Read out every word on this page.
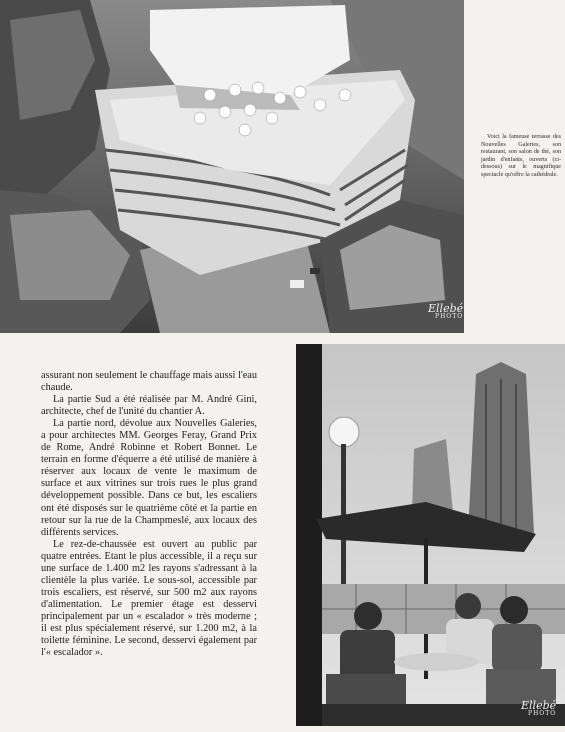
Ellebé
PHOTO

Voici la fameuse terrasse des Nouvelles Galeries, son restaurant, son salon de thé, son jardin d'enfants, ouverts (ci-dessous) sur le magnifique spectacle qu'offre la cathédrale.

assurant non seulement le chauffage mais aussi l'eau chaude.

La partie Sud a été réalisée par M. André Gini, architecte, chef de l'unité du chantier A.

La partie nord, dévolue aux Nouvelles Galeries, a pour architectes MM. Georges Feray, Grand Prix de Rome, André Robinne et Robert Bonnet. Le terrain en forme d'équerre a été utilisé de manière à réserver aux locaux de vente le maximum de surface et aux vitrines sur trois rues le plus grand développement possible. Dans ce but, les escaliers ont été disposés sur le quatrième côté et la partie en retour sur la rue de la Champmeslé, aux locaux des différents services.

Le rez-de-chaussée est ouvert au public par quatre entrées. Etant le plus accessible, il a reçu sur une surface de 1.400 m2 les rayons s'adressant à la clientèle la plus variée. Le sous-sol, accessible par trois escaliers, est réservé, sur 500 m2 aux rayons d'alimentation. Le premier étage est desservi principalement par un « escalador » très moderne ; il est plus spécialement réservé, sur 1.200 m2, à la toilette féminine. Le second, desservi également par l'« escalador ».

Ellebé
PHOTO
